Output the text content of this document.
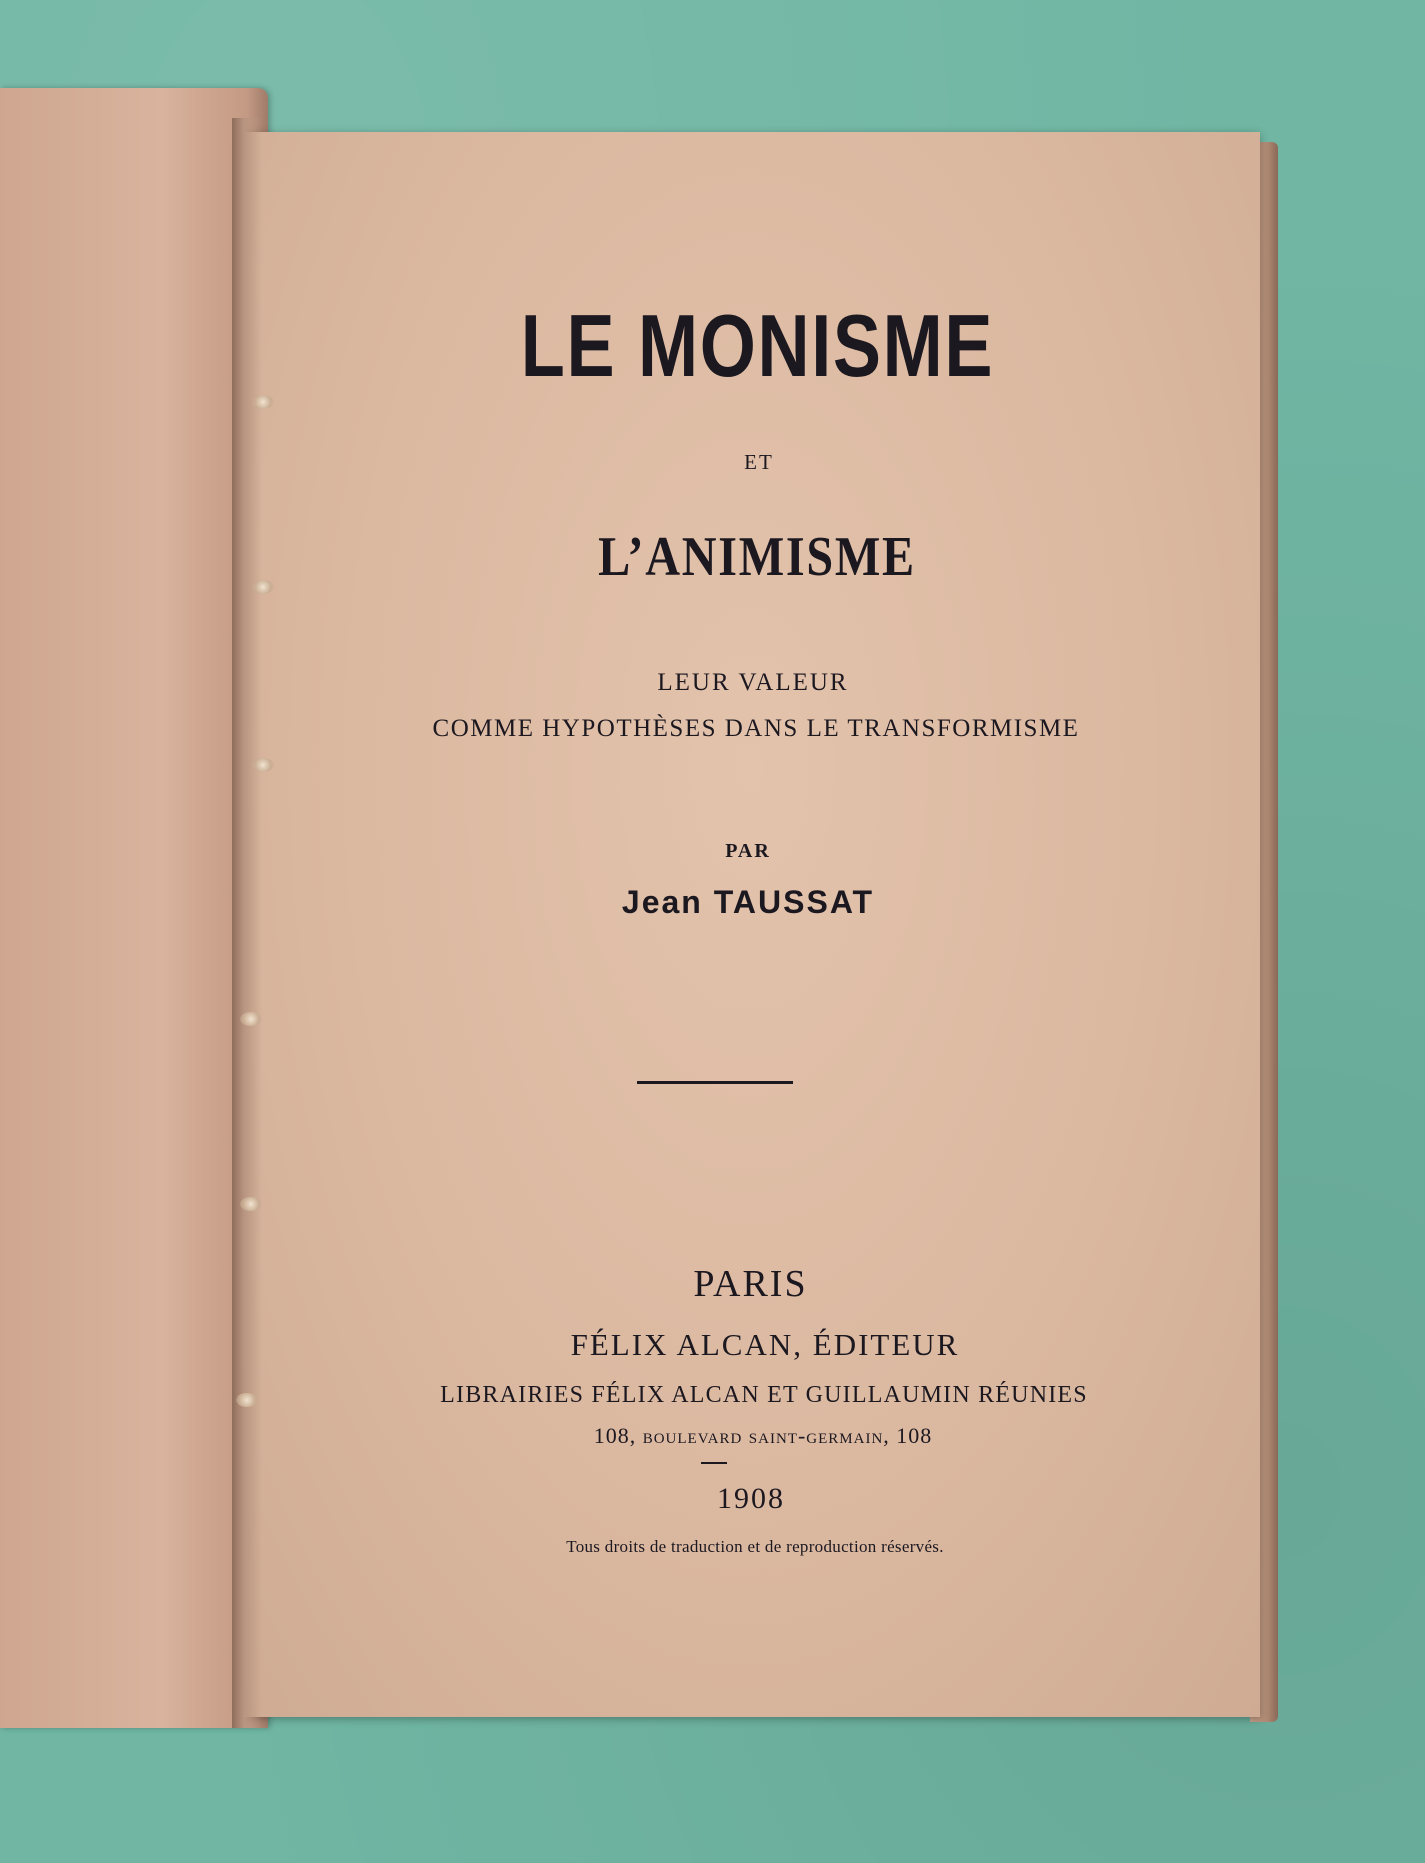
LE MONISME
ET
L’ANIMISME
LEUR VALEUR
COMME HYPOTHÈSES DANS LE TRANSFORMISME
PAR
Jean TAUSSAT
PARIS
FÉLIX ALCAN, ÉDITEUR
LIBRAIRIES FÉLIX ALCAN ET GUILLAUMIN RÉUNIES
108, boulevard saint-germain, 108
1908
Tous droits de traduction et de reproduction réservés.
